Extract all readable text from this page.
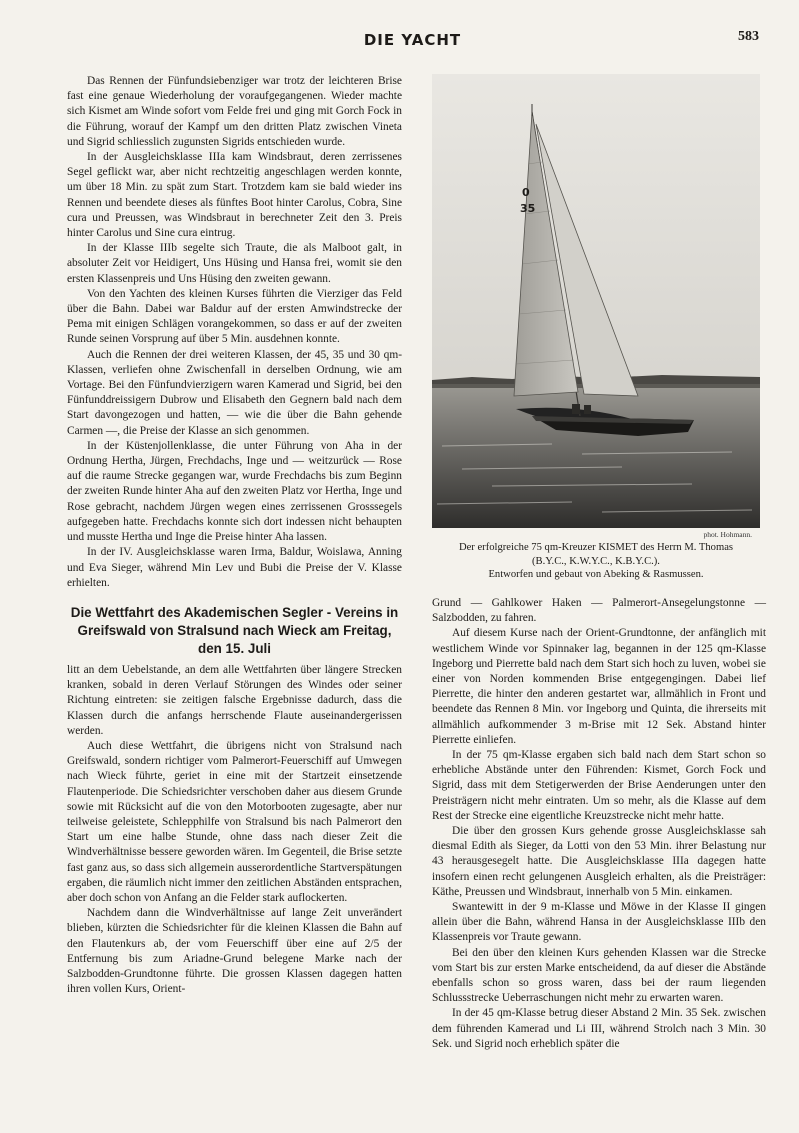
DIE YACHT	583

Das Rennen der Fünfundsiebenziger war trotz der leichteren Brise fast eine genaue Wiederholung der voraufgegangenen. Wieder machte sich Kismet am Winde sofort vom Felde frei und ging mit Gorch Fock in die Führung, worauf der Kampf um den dritten Platz zwischen Vineta und Sigrid schliesslich zugunsten Sigrids entschieden wurde.

In der Ausgleichsklasse IIIa kam Windsbraut, deren zerrissenes Segel geflickt war, aber nicht rechtzeitig angeschlagen werden konnte, um über 18 Min. zu spät zum Start. Trotzdem kam sie bald wieder ins Rennen und beendete dieses als fünftes Boot hinter Carolus, Cobra, Sine cura und Preussen, was Windsbraut in berechneter Zeit den 3. Preis hinter Carolus und Sine cura eintrug.

In der Klasse IIIb segelte sich Traute, die als Malboot galt, in absoluter Zeit vor Heidigert, Uns Hüsing und Hansa frei, womit sie den ersten Klassenpreis und Uns Hüsing den zweiten gewann.

Von den Yachten des kleinen Kurses führten die Vierziger das Feld über die Bahn. Dabei war Baldur auf der ersten Amwindstrecke der Pema mit einigen Schlägen vorangekommen, so dass er auf der zweiten Runde seinen Vorsprung auf über 5 Min. ausdehnen konnte.

Auch die Rennen der drei weiteren Klassen, der 45, 35 und 30 qm-Klassen, verliefen ohne Zwischenfall in derselben Ordnung, wie am Vortage. Bei den Fünfundvierzigern waren Kamerad und Sigrid, bei den Fünfunddreissigern Dubrow und Elisabeth den Gegnern bald nach dem Start davongezogen und hatten, — wie die über die Bahn gehende Carmen —, die Preise der Klasse an sich genommen.

In der Küstenjollenklasse, die unter Führung von Aha in der Ordnung Hertha, Jürgen, Frechdachs, Inge und — weitzurück — Rose auf die raume Strecke gegangen war, wurde Frechdachs bis zum Beginn der zweiten Runde hinter Aha auf den zweiten Platz vor Hertha, Inge und Rose gebracht, nachdem Jürgen wegen eines zerrissenen Grosssegels aufgegeben hatte. Frechdachs konnte sich dort indessen nicht behaupten und musste Hertha und Inge die Preise hinter Aha lassen.

In der IV. Ausgleichsklasse waren Irma, Baldur, Woislawa, Anning und Eva Sieger, während Min Lev und Bubi die Preise der V. Klasse erhielten.

Die Wettfahrt des Akademischen Segler - Vereins in Greifswald von Stralsund nach Wieck am Freitag, den 15. Juli

litt an dem Uebelstande, an dem alle Wettfahrten über längere Strecken kranken, sobald in deren Verlauf Störungen des Windes oder seiner Richtung eintreten: sie zeitigen falsche Ergebnisse dadurch, dass die Klassen durch die anfangs herrschende Flaute auseinandergerissen werden.

Auch diese Wettfahrt, die übrigens nicht von Stralsund nach Greifswald, sondern richtiger vom Palmerort-Feuerschiff auf Umwegen nach Wieck führte, geriet in eine mit der Startzeit einsetzende Flautenperiode. Die Schiedsrichter verschoben daher aus diesem Grunde sowie mit Rücksicht auf die von den Motorbooten zugesagte, aber nur teilweise geleistete, Schlepphilfe von Stralsund bis nach Palmerort den Start um eine halbe Stunde, ohne dass nach dieser Zeit die Windverhältnisse bessere geworden wären. Im Gegenteil, die Brise setzte fast ganz aus, so dass sich allgemein ausserordentliche Startverspätungen ergaben, die räumlich nicht immer den zeitlichen Abständen entsprachen, aber doch schon von Anfang an die Felder stark auflockerten.

Nachdem dann die Windverhältnisse auf lange Zeit unverändert blieben, kürzten die Schiedsrichter für die kleinen Klassen die Bahn auf den Flautenkurs ab, der vom Feuerschiff über eine auf 2/5 der Entfernung bis zum Ariadne-Grund belegene Marke nach der Salzbodden-Grundtonne führte. Die grossen Klassen dagegen hatten ihren vollen Kurs, Orient-

0
35
phot. Hohmann.
Der erfolgreiche 75 qm-Kreuzer KISMET des Herrn M. Thomas
(B.Y.C., K.W.Y.C., K.B.Y.C.).
Entworfen und gebaut von Abeking & Rasmussen.

Grund — Gahlkower Haken — Palmerort-Ansegelungstonne — Salzbodden, zu fahren.

Auf diesem Kurse nach der Orient-Grundtonne, der anfänglich mit westlichem Winde vor Spinnaker lag, begannen in der 125 qm-Klasse Ingeborg und Pierrette bald nach dem Start sich hoch zu luven, wobei sie einer von Norden kommenden Brise entgegengingen. Dabei lief Pierrette, die hinter den anderen gestartet war, allmählich in Front und beendete das Rennen 8 Min. vor Ingeborg und Quinta, die ihrerseits mit allmählich aufkommender 3 m-Brise mit 12 Sek. Abstand hinter Pierrette einliefen.

In der 75 qm-Klasse ergaben sich bald nach dem Start schon so erhebliche Abstände unter den Führenden: Kismet, Gorch Fock und Sigrid, dass mit dem Stetigerwerden der Brise Aenderungen unter den Preisträgern nicht mehr eintraten. Um so mehr, als die Klasse auf dem Rest der Strecke eine eigentliche Kreuzstrecke nicht mehr hatte.

Die über den grossen Kurs gehende grosse Ausgleichsklasse sah diesmal Edith als Sieger, da Lotti von den 53 Min. ihrer Belastung nur 43 herausgesegelt hatte. Die Ausgleichsklasse IIIa dagegen hatte insofern einen recht gelungenen Ausgleich erhalten, als die Preisträger: Käthe, Preussen und Windsbraut, innerhalb von 5 Min. einkamen.

Swantewitt in der 9 m-Klasse und Möwe in der Klasse II gingen allein über die Bahn, während Hansa in der Ausgleichsklasse IIIb den Klassenpreis vor Traute gewann.

Bei den über den kleinen Kurs gehenden Klassen war die Strecke vom Start bis zur ersten Marke entscheidend, da auf dieser die Abstände ebenfalls schon so gross waren, dass bei der raum liegenden Schlussstrecke Ueberraschungen nicht mehr zu erwarten waren.

In der 45 qm-Klasse betrug dieser Abstand 2 Min. 35 Sek. zwischen dem führenden Kamerad und Li III, während Strolch nach 3 Min. 30 Sek. und Sigrid noch erheblich später die
